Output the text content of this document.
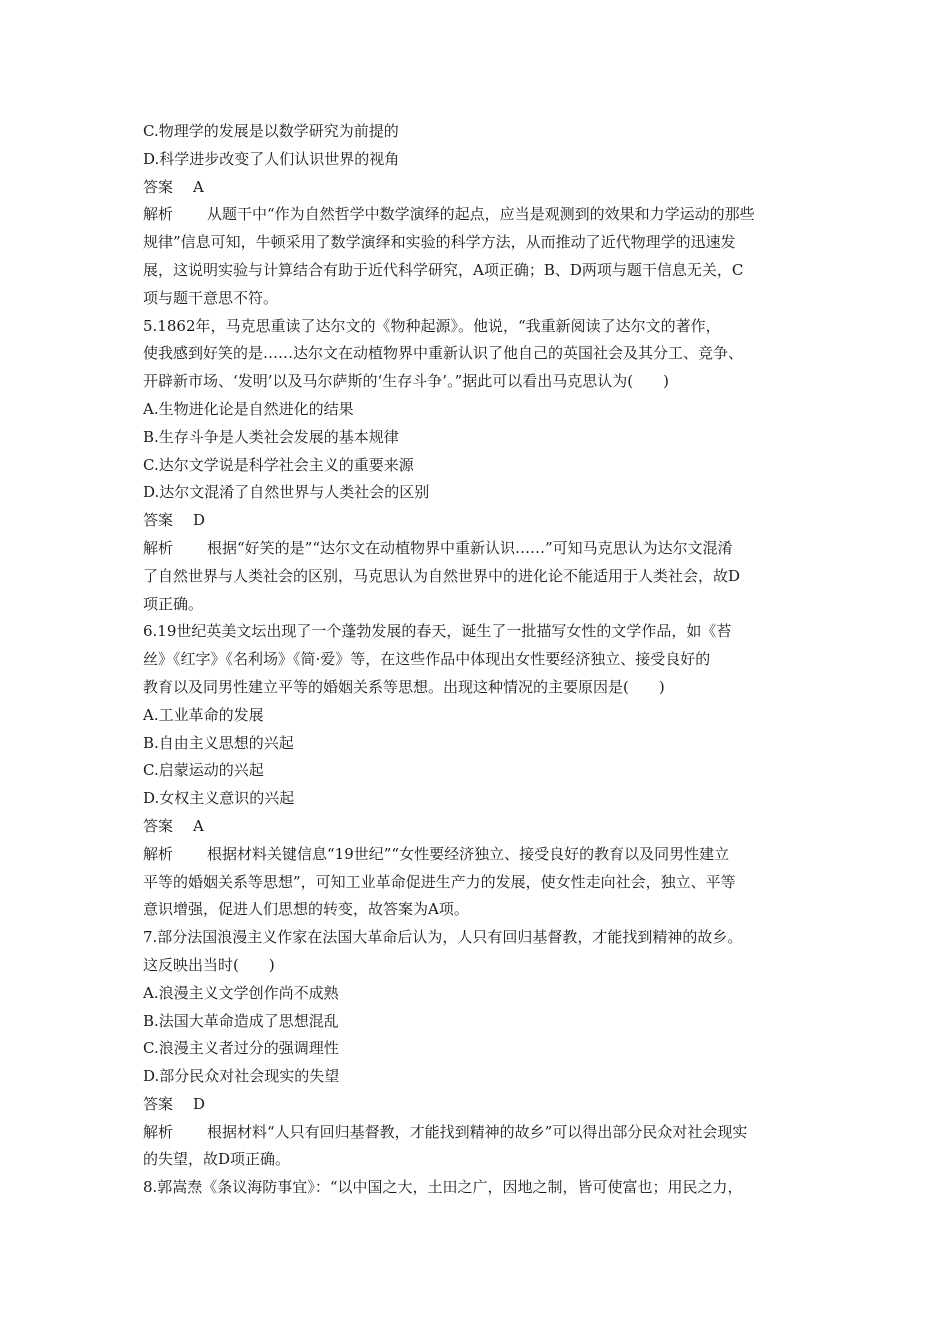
C.物理学的发展是以数学研究为前提的
D.科学进步改变了人们认识世界的视角
答案 A
解析 从题干中“作为自然哲学中数学演绎的起点，应当是观测到的效果和力学运动的那些
规律”信息可知，牛顿采用了数学演绎和实验的科学方法，从而推动了近代物理学的迅速发
展，这说明实验与计算结合有助于近代科学研究，A项正确；B、D两项与题干信息无关，C
项与题干意思不符。
5.1862年，马克思重读了达尔文的《物种起源》。他说，“我重新阅读了达尔文的著作，
使我感到好笑的是……达尔文在动植物界中重新认识了他自己的英国社会及其分工、竞争、
开辟新市场、‘发明’以及马尔萨斯的‘生存斗争’。”据此可以看出马克思认为(　　)
A.生物进化论是自然进化的结果
B.生存斗争是人类社会发展的基本规律
C.达尔文学说是科学社会主义的重要来源
D.达尔文混淆了自然世界与人类社会的区别
答案 D
解析 根据“好笑的是”“达尔文在动植物界中重新认识……”可知马克思认为达尔文混淆
了自然世界与人类社会的区别，马克思认为自然世界中的进化论不能适用于人类社会，故D
项正确。
6.19世纪英美文坛出现了一个蓬勃发展的春天，诞生了一批描写女性的文学作品，如《苔
丝》《红字》《名利场》《简·爱》等，在这些作品中体现出女性要经济独立、接受良好的
教育以及同男性建立平等的婚姻关系等思想。出现这种情况的主要原因是(　　)
A.工业革命的发展
B.自由主义思想的兴起
C.启蒙运动的兴起
D.女权主义意识的兴起
答案 A
解析 根据材料关键信息“19世纪”“女性要经济独立、接受良好的教育以及同男性建立
平等的婚姻关系等思想”，可知工业革命促进生产力的发展，使女性走向社会，独立、平等
意识增强，促进人们思想的转变，故答案为A项。
7.部分法国浪漫主义作家在法国大革命后认为，人只有回归基督教，才能找到精神的故乡。
这反映出当时(　　)
A.浪漫主义文学创作尚不成熟
B.法国大革命造成了思想混乱
C.浪漫主义者过分的强调理性
D.部分民众对社会现实的失望
答案 D
解析 根据材料“人只有回归基督教，才能找到精神的故乡”可以得出部分民众对社会现实
的失望，故D项正确。
8.郭嵩焘《条议海防事宜》：“以中国之大，土田之广，因地之制，皆可使富也；用民之力，
